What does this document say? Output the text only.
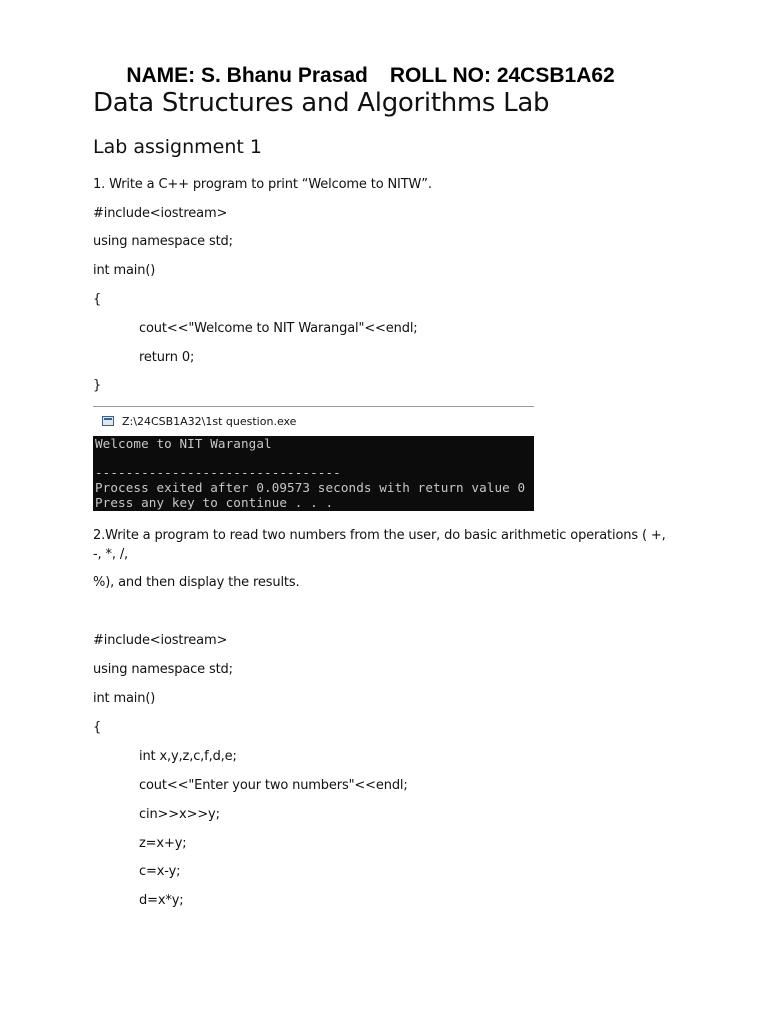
NAME: S. Bhanu Prasad ROLL NO: 24CSB1A62

Data Structures and Algorithms Lab
Lab assignment 1
1. Write a C++ program to print “Welcome to NITW”.
#include<iostream>
using namespace std;
int main()
{
cout<<"Welcome to NIT Warangal"<<endl;
return 0;
}
Z:\24CSB1A32\1st question.exe
Welcome to NIT Warangal
--------------------------------
Process exited after 0.09573 seconds with return value 0
Press any key to continue . . .
2.Write a program to read two numbers from the user, do basic arithmetic operations ( +, -, *, /,
%), and then display the results.
#include<iostream>
using namespace std;
int main()
{
int x,y,z,c,f,d,e;
cout<<"Enter your two numbers"<<endl;
cin>>x>>y;
z=x+y;
c=x-y;
d=x*y;
